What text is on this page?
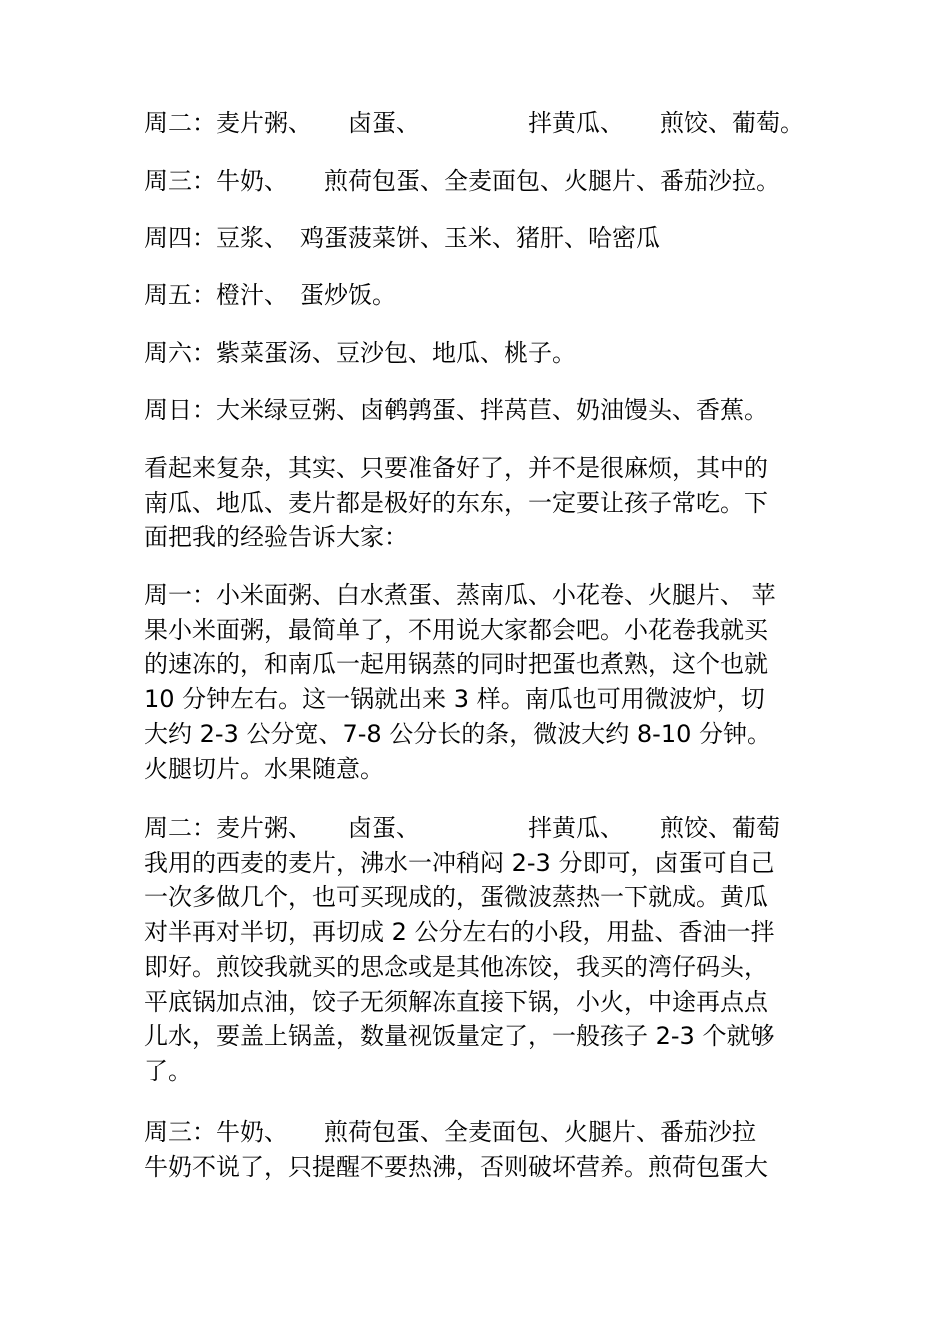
周二：麦片粥、　　卤蛋、　　　　　拌黄瓜、　　煎饺、葡萄。
周三：牛奶、　　煎荷包蛋、全麦面包、火腿片、番茄沙拉。
周四：豆浆、　鸡蛋菠菜饼、玉米、猪肝、哈密瓜
周五：橙汁、　蛋炒饭。
周六：紫菜蛋汤、豆沙包、地瓜、桃子。
周日：大米绿豆粥、卤鹌鹑蛋、拌莴苣、奶油馒头、香蕉。
看起来复杂，其实、只要准备好了，并不是很麻烦，其中的
南瓜、地瓜、麦片都是极好的东东，一定要让孩子常吃。下
面把我的经验告诉大家：
周一：小米面粥、白水煮蛋、蒸南瓜、小花卷、火腿片、 苹
果小米面粥，最简单了，不用说大家都会吧。小花卷我就买
的速冻的，和南瓜一起用锅蒸的同时把蛋也煮熟，这个也就
10 分钟左右。这一锅就出来 3 样。南瓜也可用微波炉，切
大约 2-3 公分宽、7-8 公分长的条，微波大约 8-10 分钟。
火腿切片。水果随意。
周二：麦片粥、　　卤蛋、　　　　　拌黄瓜、　　煎饺、葡萄
我用的西麦的麦片，沸水一冲稍闷 2-3 分即可，卤蛋可自己
一次多做几个，也可买现成的，蛋微波蒸热一下就成。黄瓜
对半再对半切，再切成 2 公分左右的小段，用盐、香油一拌
即好。煎饺我就买的思念或是其他冻饺，我买的湾仔码头，
平底锅加点油，饺子无须解冻直接下锅，小火，中途再点点
儿水，要盖上锅盖，数量视饭量定了，一般孩子 2-3 个就够
了。
周三：牛奶、　　煎荷包蛋、全麦面包、火腿片、番茄沙拉
牛奶不说了，只提醒不要热沸，否则破坏营养。煎荷包蛋大
